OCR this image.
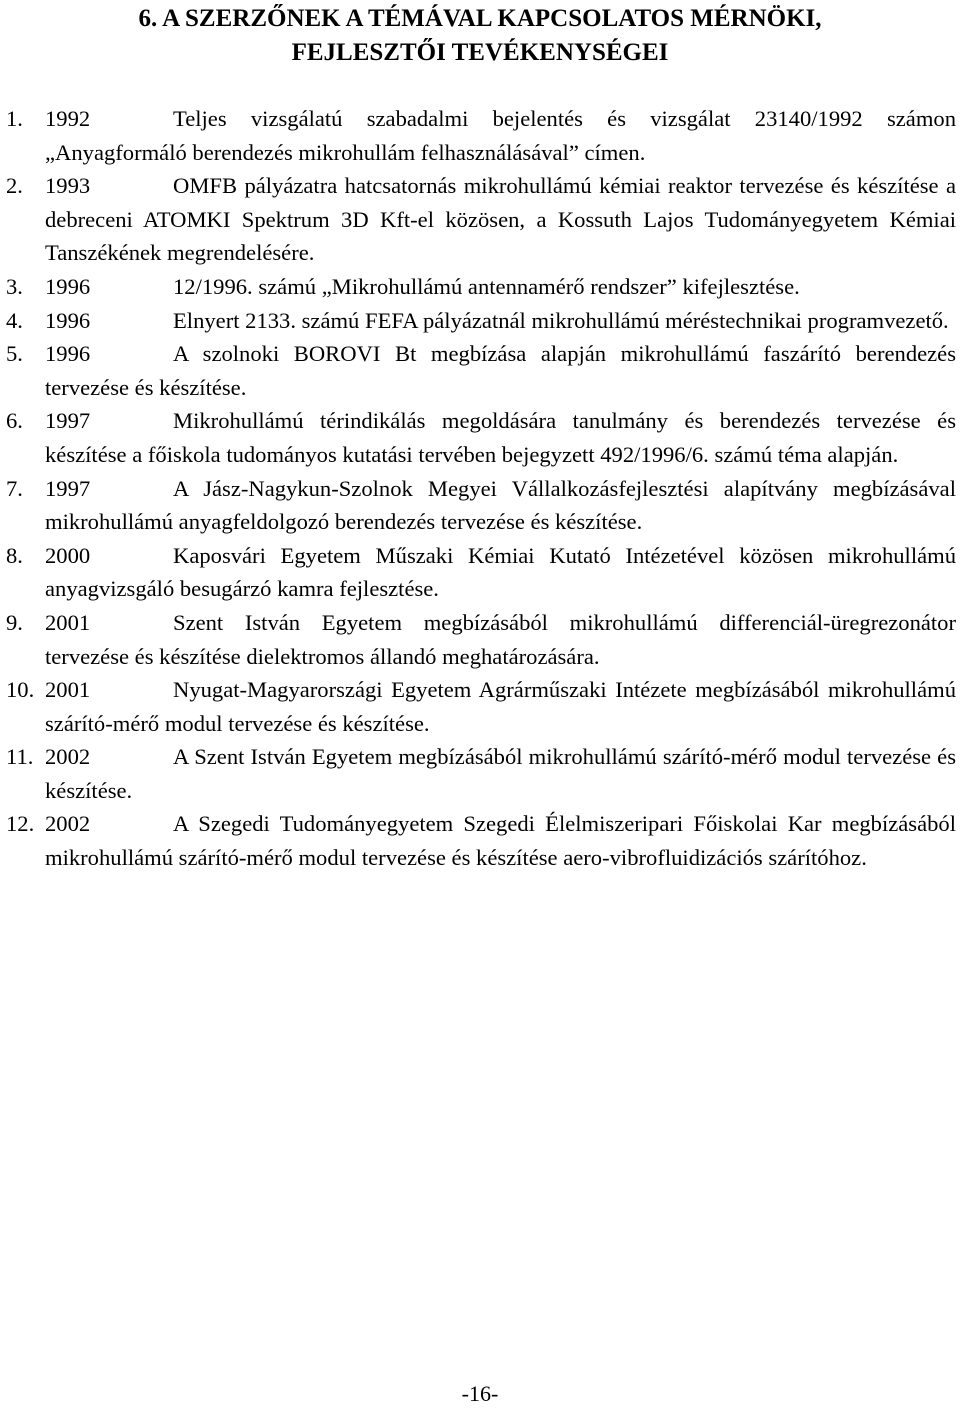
6. A SZERZŐNEK A TÉMÁVAL KAPCSOLATOS MÉRNÖKI,
FEJLESZTŐI TEVÉKENYSÉGEI
1. 1992	Teljes vizsgálatú szabadalmi bejelentés és vizsgálat 23140/1992 számon „Anyagformáló berendezés mikrohullám felhasználásával” címen.
2. 1993	OMFB pályázatra hatcsatornás mikrohullámú kémiai reaktor tervezése és készítése a debreceni ATOMKI Spektrum 3D Kft-el közösen, a Kossuth Lajos Tudományegyetem Kémiai Tanszékének megrendelésére.
3. 1996	12/1996. számú „Mikrohullámú antennamérő rendszer” kifejlesztése.
4. 1996	Elnyert 2133. számú FEFA pályázatnál mikrohullámú méréstechnikai programvezető.
5. 1996	A szolnoki BOROVI Bt megbízása alapján mikrohullámú faszárító berendezés tervezése és készítése.
6. 1997	Mikrohullámú térindikálás megoldására tanulmány és berendezés tervezése és készítése a főiskola tudományos kutatási tervében bejegyzett 492/1996/6. számú téma alapján.
7. 1997	A Jász-Nagykun-Szolnok Megyei Vállalkozásfejlesztési alapítvány megbízásával mikrohullámú anyagfeldolgozó berendezés tervezése és készítése.
8. 2000	Kaposvári Egyetem Műszaki Kémiai Kutató Intézetével közösen mikrohullámú anyagvizsgáló besugárzó kamra fejlesztése.
9. 2001	Szent István Egyetem megbízásából mikrohullámú differenciál-üregrezonátor tervezése és készítése dielektromos állandó meghatározására.
10. 2001	Nyugat-Magyarországi Egyetem Agrárműszaki Intézete megbízásából mikrohullámú szárító-mérő modul tervezése és készítése.
11. 2002	A Szent István Egyetem megbízásából mikrohullámú szárító-mérő modul tervezése és készítése.
12. 2002	A Szegedi Tudományegyetem Szegedi Élelmiszeripari Főiskolai Kar megbízásából mikrohullámú szárító-mérő modul tervezése és készítése aero-vibrofluidizációs szárítóhoz.
-16-
